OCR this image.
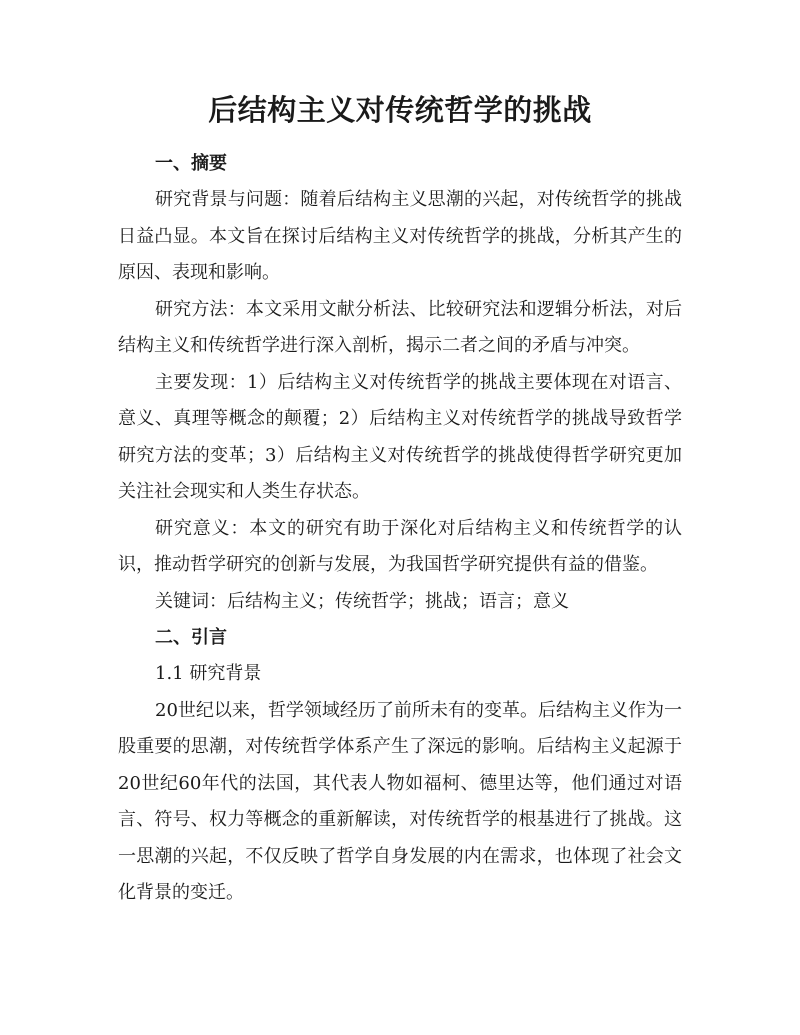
后结构主义对传统哲学的挑战
一、摘要

研究背景与问题：随着后结构主义思潮的兴起，对传统哲学的挑战日益凸显。本文旨在探讨后结构主义对传统哲学的挑战，分析其产生的原因、表现和影响。

研究方法：本文采用文献分析法、比较研究法和逻辑分析法，对后结构主义和传统哲学进行深入剖析，揭示二者之间的矛盾与冲突。

主要发现：1）后结构主义对传统哲学的挑战主要体现在对语言、意义、真理等概念的颠覆；2）后结构主义对传统哲学的挑战导致哲学研究方法的变革；3）后结构主义对传统哲学的挑战使得哲学研究更加关注社会现实和人类生存状态。

研究意义：本文的研究有助于深化对后结构主义和传统哲学的认识，推动哲学研究的创新与发展，为我国哲学研究提供有益的借鉴。

关键词：后结构主义；传统哲学；挑战；语言；意义
二、引言
1.1 研究背景

20世纪以来，哲学领域经历了前所未有的变革。后结构主义作为一股重要的思潮，对传统哲学体系产生了深远的影响。后结构主义起源于20世纪60年代的法国，其代表人物如福柯、德里达等，他们通过对语言、符号、权力等概念的重新解读，对传统哲学的根基进行了挑战。这一思潮的兴起，不仅反映了哲学自身发展的内在需求，也体现了社会文化背景的变迁。
